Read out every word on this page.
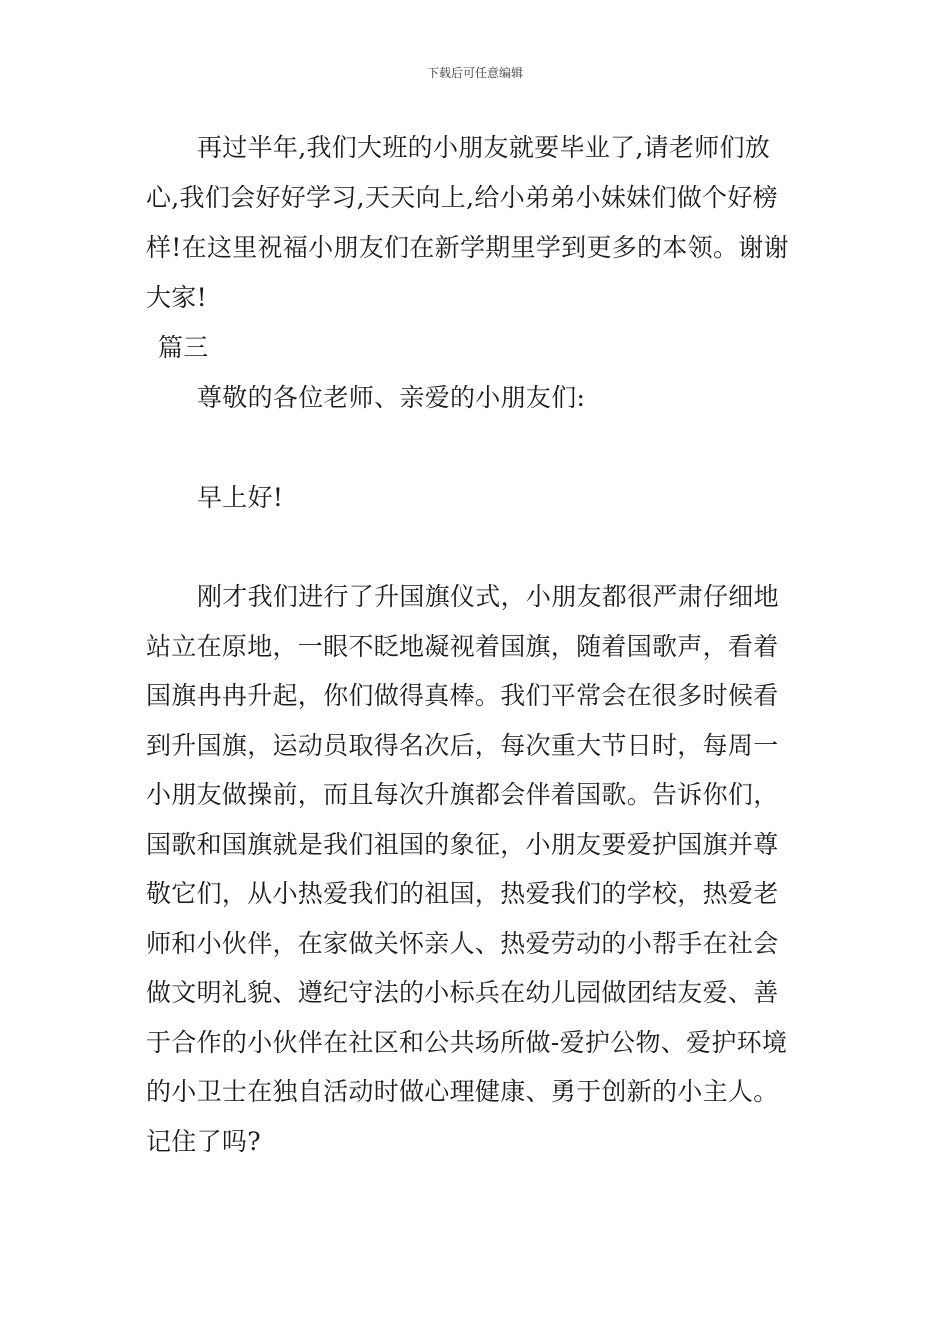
下载后可任意编辑
再过半年,我们大班的小朋友就要毕业了,请老师们放
心,我们会好好学习,天天向上,给小弟弟小妹妹们做个好榜
样!在这里祝福小朋友们在新学期里学到更多的本领。谢谢
大家!
篇三
尊敬的各位老师、亲爱的小朋友们:
早上好!
刚才我们进行了升国旗仪式，小朋友都很严肃仔细地
站立在原地，一眼不眨地凝视着国旗，随着国歌声，看着
国旗冉冉升起，你们做得真棒。我们平常会在很多时候看
到升国旗，运动员取得名次后，每次重大节日时，每周一
小朋友做操前，而且每次升旗都会伴着国歌。告诉你们，
国歌和国旗就是我们祖国的象征，小朋友要爱护国旗并尊
敬它们，从小热爱我们的祖国，热爱我们的学校，热爱老
师和小伙伴，在家做关怀亲人、热爱劳动的小帮手在社会
做文明礼貌、遵纪守法的小标兵在幼儿园做团结友爱、善
于合作的小伙伴在社区和公共场所做-爱护公物、爱护环境
的小卫士在独自活动时做心理健康、勇于创新的小主人。
记住了吗?
